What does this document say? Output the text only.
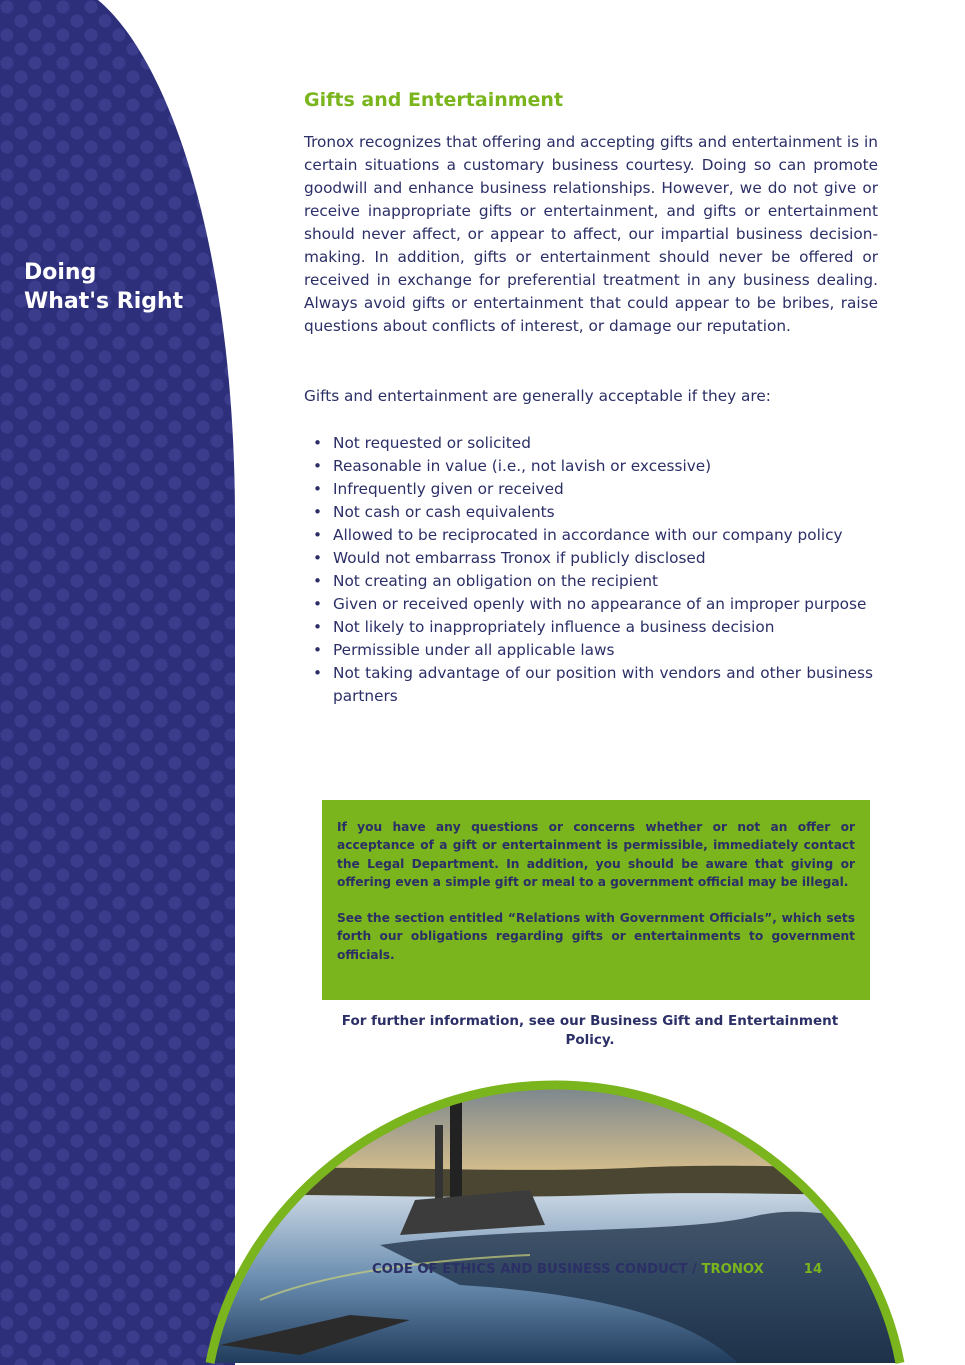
Doing
What's Right
Gifts and Entertainment

Tronox recognizes that offering and accepting gifts and entertainment is in certain situations a customary business courtesy. Doing so can promote goodwill and enhance business relationships. However, we do not give or receive inappropriate gifts or entertainment, and gifts or entertainment should never affect, or appear to affect, our impartial business decision-making. In addition, gifts or entertainment should never be offered or received in exchange for preferential treatment in any business dealing. Always avoid gifts or entertainment that could appear to be bribes, raise questions about conflicts of interest, or damage our reputation.

Gifts and entertainment are generally acceptable if they are:

• Not requested or solicited
• Reasonable in value (i.e., not lavish or excessive)
• Infrequently given or received
• Not cash or cash equivalents
• Allowed to be reciprocated in accordance with our company policy
• Would not embarrass Tronox if publicly disclosed
• Not creating an obligation on the recipient
• Given or received openly with no appearance of an improper purpose
• Not likely to inappropriately influence a business decision
• Permissible under all applicable laws
• Not taking advantage of our position with vendors and other business partners

If you have any questions or concerns whether or not an offer or acceptance of a gift or entertainment is permissible, immediately contact the Legal Department. In addition, you should be aware that giving or offering even a simple gift or meal to a government official may be illegal.

See the section entitled “Relations with Government Officials”, which sets forth our obligations regarding gifts or entertainments to government officials.

For further information, see our Business Gift and Entertainment Policy.

CODE OF ETHICS AND BUSINESS CONDUCT / TRONOX	14
